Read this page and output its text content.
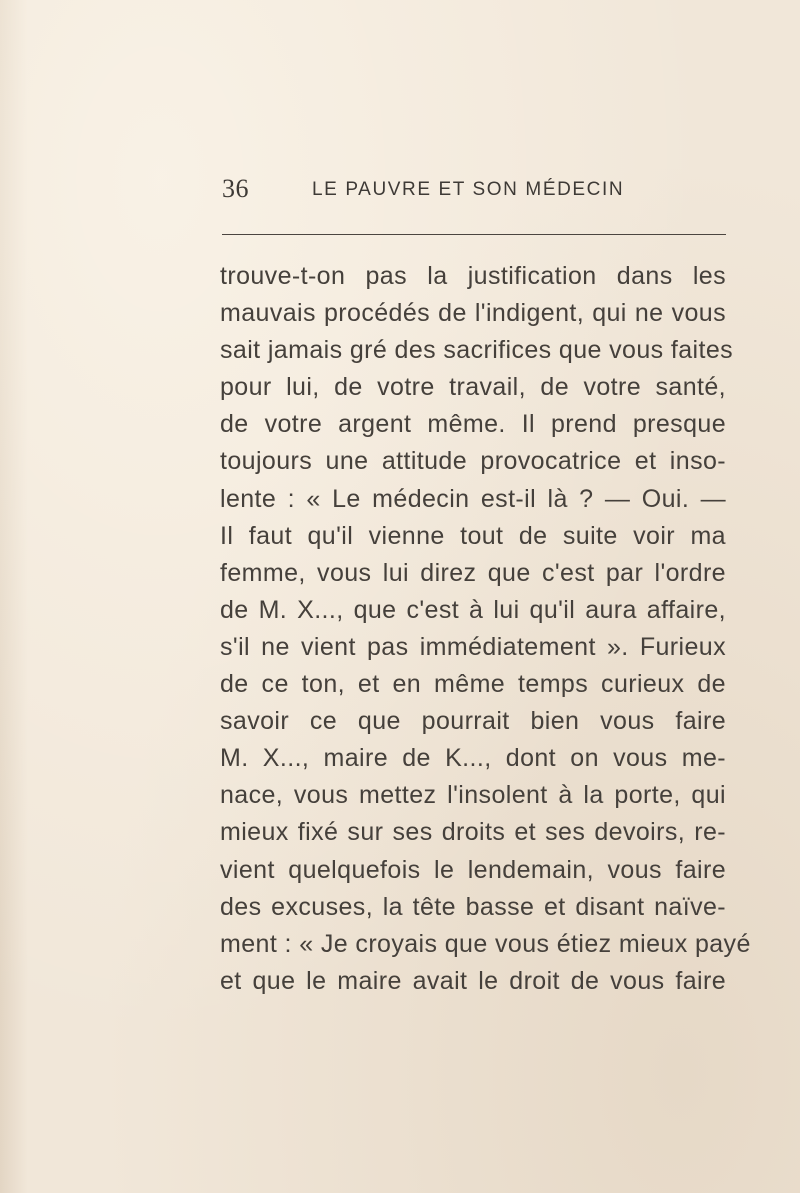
36	LE PAUVRE ET SON MÉDECIN
trouve-t-on pas la justification dans les
mauvais procédés de l'indigent, qui ne vous
sait jamais gré des sacrifices que vous faites
pour lui, de votre travail, de votre santé,
de votre argent même. Il prend presque
toujours une attitude provocatrice et inso-
lente : « Le médecin est-il là ? — Oui. —
Il faut qu'il vienne tout de suite voir ma
femme, vous lui direz que c'est par l'ordre
de M. X..., que c'est à lui qu'il aura affaire,
s'il ne vient pas immédiatement ». Furieux
de ce ton, et en même temps curieux de
savoir ce que pourrait bien vous faire
M. X..., maire de K..., dont on vous me-
nace, vous mettez l'insolent à la porte, qui
mieux fixé sur ses droits et ses devoirs, re-
vient quelquefois le lendemain, vous faire
des excuses, la tête basse et disant naïve-
ment : « Je croyais que vous étiez mieux payé
et que le maire avait le droit de vous faire
